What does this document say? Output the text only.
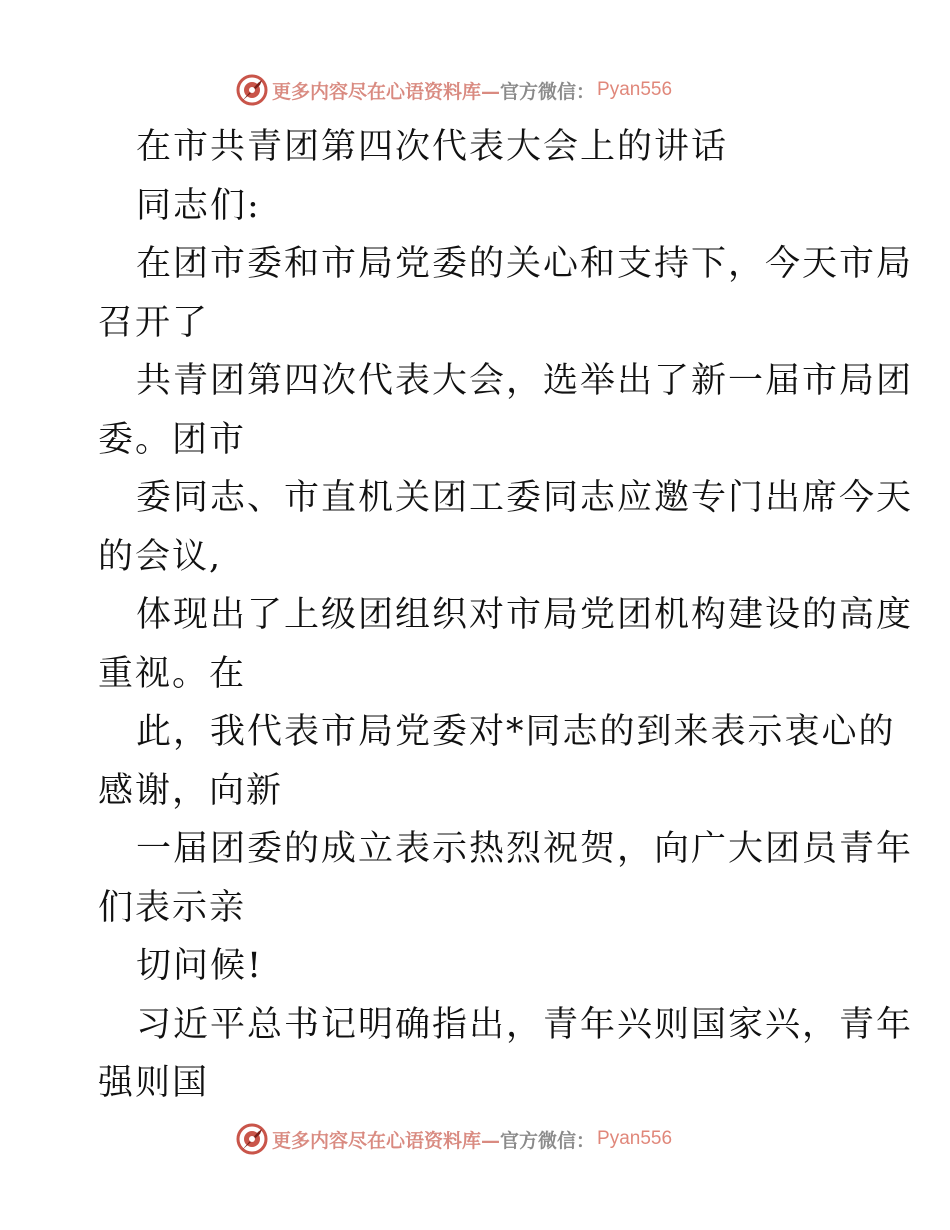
更多内容尽在心语资料库— 官方微信： Pyan556
在市共青团第四次代表大会上的讲话
同志们:
在团市委和市局党委的关心和支持下，今天市局
召开了
共青团第四次代表大会，选举出了新一届市局团
委。团市
委同志、市直机关团工委同志应邀专门出席今天
的会议,
体现出了上级团组织对市局党团机构建设的高度
重视。在
此，我代表市局党委对*同志的到来表示衷心的
感谢，向新
一届团委的成立表示热烈祝贺，向广大团员青年
们表示亲
切问候!
习近平总书记明确指出，青年兴则国家兴，青年
强则国
更多内容尽在心语资料库— 官方微信： Pyan556
